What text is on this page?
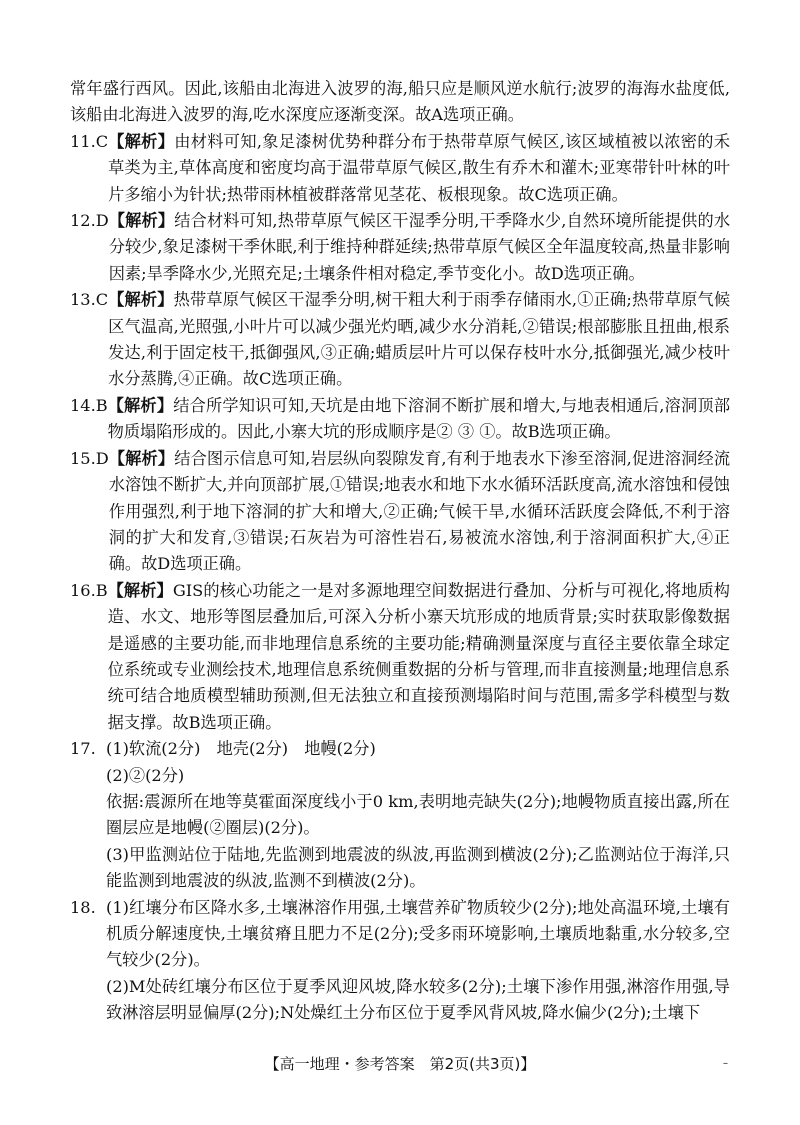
常年盛行西风。因此,该船由北海进入波罗的海,船只应是顺风逆水航行;波罗的海海水盐度低,该船由北海进入波罗的海,吃水深度应逐渐变深。故A选项正确。

11.C 【解析】由材料可知,象足漆树优势种群分布于热带草原气候区,该区域植被以浓密的禾草类为主,草体高度和密度均高于温带草原气候区,散生有乔木和灌木;亚寒带针叶林的叶片多缩小为针状;热带雨林植被群落常见茎花、板根现象。故C选项正确。
12.D 【解析】结合材料可知,热带草原气候区干湿季分明,干季降水少,自然环境所能提供的水分较少,象足漆树干季休眠,利于维持种群延续;热带草原气候区全年温度较高,热量非影响因素;旱季降水少,光照充足;土壤条件相对稳定,季节变化小。故D选项正确。
13.C 【解析】热带草原气候区干湿季分明,树干粗大利于雨季存储雨水,①正确;热带草原气候区气温高,光照强,小叶片可以减少强光灼晒,减少水分消耗,②错误;根部膨胀且扭曲,根系发达,利于固定枝干,抵御强风,③正确;蜡质层叶片可以保存枝叶水分,抵御强光,减少枝叶水分蒸腾,④正确。故C选项正确。
14.B 【解析】结合所学知识可知,天坑是由地下溶洞不断扩展和增大,与地表相通后,溶洞顶部物质塌陷形成的。因此,小寨大坑的形成顺序是② ③ ①。故B选项正确。
15.D 【解析】结合图示信息可知,岩层纵向裂隙发育,有利于地表水下渗至溶洞,促进溶洞经流水溶蚀不断扩大,并向顶部扩展,①错误;地表水和地下水水循环活跃度高,流水溶蚀和侵蚀作用强烈,利于地下溶洞的扩大和增大,②正确;气候干旱,水循环活跃度会降低,不利于溶洞的扩大和发育,③错误;石灰岩为可溶性岩石,易被流水溶蚀,利于溶洞面积扩大,④正确。故D选项正确。
16.B 【解析】GIS的核心功能之一是对多源地理空间数据进行叠加、分析与可视化,将地质构造、水文、地形等图层叠加后,可深入分析小寨天坑形成的地质背景;实时获取影像数据是遥感的主要功能,而非地理信息系统的主要功能;精确测量深度与直径主要依靠全球定位系统或专业测绘技术,地理信息系统侧重数据的分析与管理,而非直接测量;地理信息系统可结合地质模型辅助预测,但无法独立和直接预测塌陷时间与范围,需多学科模型与数据支撑。故B选项正确。
17. (1)软流(2分)　地壳(2分)　地幔(2分)
(2)②(2分)
依据:震源所在地等莫霍面深度线小于0 km,表明地壳缺失(2分);地幔物质直接出露,所在圈层应是地幔(②圈层)(2分)。
(3)甲监测站位于陆地,先监测到地震波的纵波,再监测到横波(2分);乙监测站位于海洋,只能监测到地震波的纵波,监测不到横波(2分)。
18. (1)红壤分布区降水多,土壤淋溶作用强,土壤营养矿物质较少(2分);地处高温环境,土壤有机质分解速度快,土壤贫瘠且肥力不足(2分);受多雨环境影响,土壤质地黏重,水分较多,空气较少(2分)。
(2)M处砖红壤分布区位于夏季风迎风坡,降水较多(2分);土壤下渗作用强,淋溶作用强,导致淋溶层明显偏厚(2分);N处燥红土分布区位于夏季风背风坡,降水偏少(2分);土壤下
【高一地理・参考答案　第2页(共3页)】	–
